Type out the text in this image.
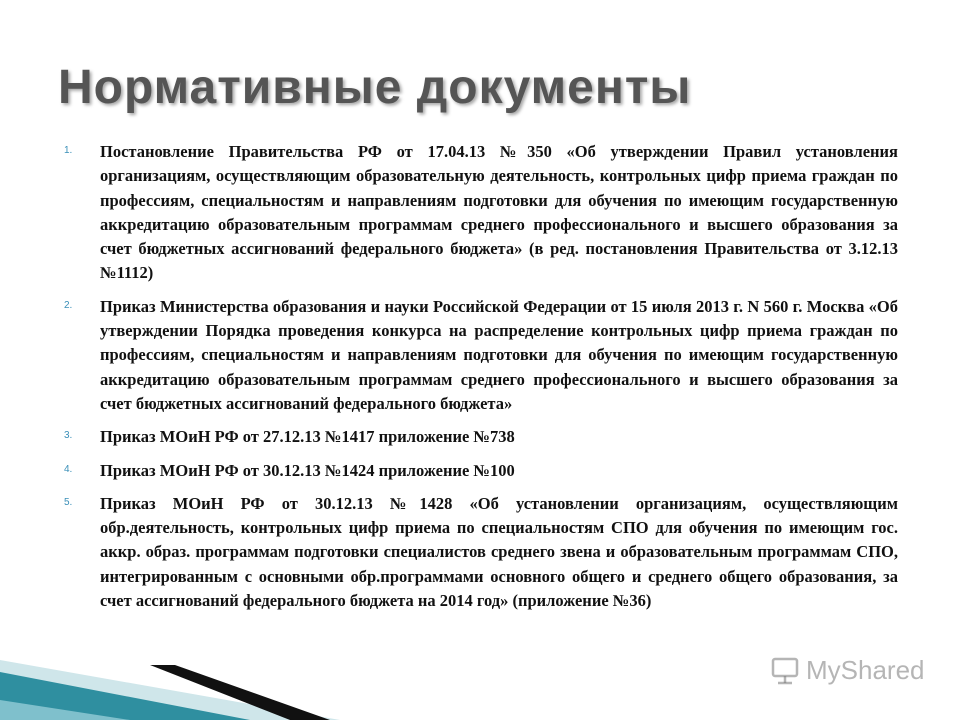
Нормативные документы
1. Постановление Правительства РФ от 17.04.13 №350 «Об утверждении Правил установления организациям, осуществляющим образовательную деятельность, контрольных цифр приема граждан по профессиям, специальностям и направлениям подготовки для обучения по имеющим государственную аккредитацию образовательным программам среднего профессионального и высшего образования за счет бюджетных ассигнований федерального бюджета» (в ред. постановления Правительства от 3.12.13 №1112)
2. Приказ Министерства образования и науки Российской Федерации от 15 июля 2013 г. N 560 г. Москва «Об утверждении Порядка проведения конкурса на распределение контрольных цифр приема граждан по профессиям, специальностям и направлениям подготовки для обучения по имеющим государственную аккредитацию образовательным программам среднего профессионального и высшего образования за счет бюджетных ассигнований федерального бюджета»
3. Приказ МОиН РФ от 27.12.13 №1417 приложение №738
4. Приказ МОиН РФ от 30.12.13 №1424 приложение №100
5. Приказ МОиН РФ от 30.12.13 №1428 «Об установлении организациям, осуществляющим обр.деятельность, контрольных цифр приема по специальностям СПО для обучения по имеющим гос. аккр. образ. программам подготовки специалистов среднего звена и образовательным программам СПО, интегрированным с основными обр.программами основного общего и среднего общего образования, за счет ассигнований федерального бюджета на 2014 год» (приложение №36)
MyShared
